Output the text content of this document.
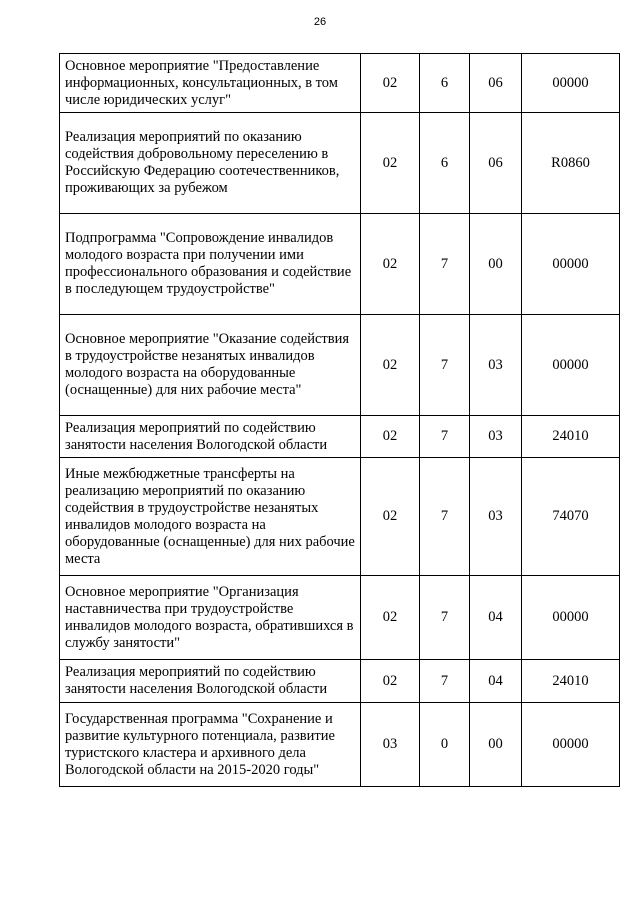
26
Основное мероприятие "Предоставление информационных, консультационных, в том числе юридических услуг"	02	6	06	00000
Реализация мероприятий по оказанию содействия добровольному переселению в Российскую Федерацию соотечественников, проживающих за рубежом	02	6	06	R0860
Подпрограмма "Сопровождение инвалидов молодого возраста при получении ими профессионального образования и содействие в последующем трудоустройстве"	02	7	00	00000
Основное мероприятие "Оказание содействия в трудоустройстве незанятых инвалидов молодого возраста на оборудованные (оснащенные) для них рабочие места"	02	7	03	00000
Реализация мероприятий по содействию занятости населения Вологодской области	02	7	03	24010
Иные межбюджетные трансферты на реализацию мероприятий по оказанию содействия в трудоустройстве незанятых инвалидов молодого возраста на оборудованные (оснащенные) для них рабочие места	02	7	03	74070
Основное мероприятие "Организация наставничества при трудоустройстве инвалидов молодого возраста, обратившихся в службу занятости"	02	7	04	00000
Реализация мероприятий по содействию занятости населения Вологодской области	02	7	04	24010
Государственная программа "Сохранение и развитие культурного потенциала, развитие туристского кластера и архивного дела Вологодской области на 2015-2020 годы"	03	0	00	00000
